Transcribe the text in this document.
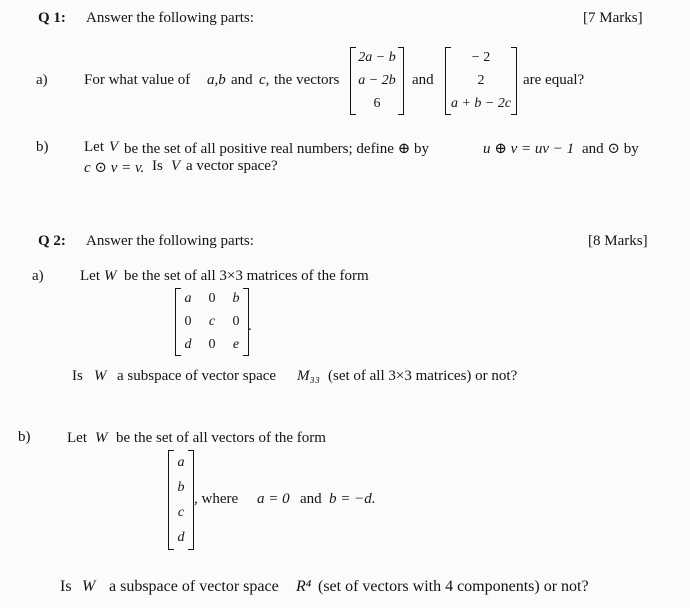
Q 1: Answer the following parts:	[7 Marks]
a) For what value of a,b and c, the vectors
2a − b
a − 2b
6
and
− 2
2
a + b − 2c
are equal?
b) Let V be the set of all positive real numbers; define ⊕ by	u ⊕ v = uv − 1 and ⊙ by
c ⊙ v = v. Is V a vector space?
Q 2: Answer the following parts:	[8 Marks]
a) Let W be the set of all 3×3 matrices of the form
a	0	b
0	c	0
d	0	e
.
Is W a subspace of vector space M₃₃ (set of all 3×3 matrices) or not?
b) Let W be the set of all vectors of the form
a
b
c
d
, where a = 0 and b = −d.
Is W a subspace of vector space R⁴ (set of vectors with 4 components) or not?
